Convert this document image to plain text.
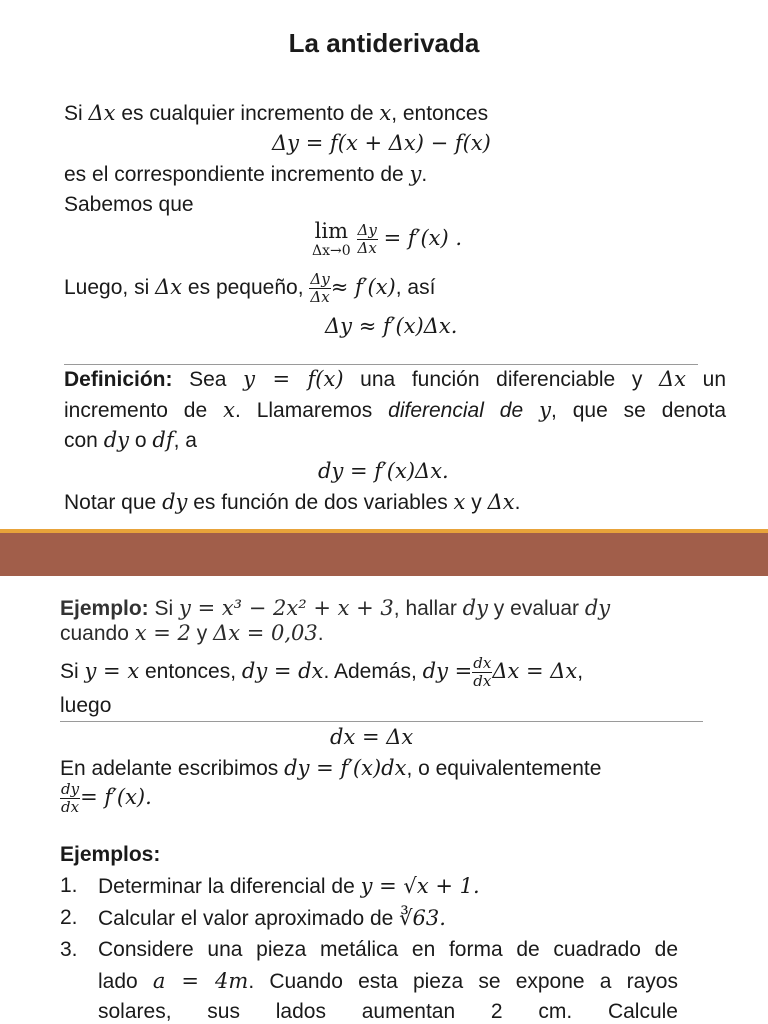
La antiderivada
Si Δx es cualquier incremento de x, entonces
Δy = f(x + Δx) − f(x)
es el correspondiente incremento de y.
Sabemos que
lim
Δx→0
$\frac{\Delta y}{\Delta x} = f'(x)$ .
Luego, si Δx es pequeño, $\frac{\Delta y}{\Delta x} \approx f'(x)$, así
Δy ≈ f′(x)Δx.
Definición: Sea y = f(x) una función diferenciable y Δx un
incremento de x. Llamaremos diferencial de y, que se denota
con dy o df, a
dy = f′(x)Δx.
Notar que dy es función de dos variables x y Δx.
Ejemplo: Si y = x³ − 2x² + x + 3, hallar dy y evaluar dy
cuando x = 2 y Δx = 0,03.
Si y = x entonces, dy = dx. Además, dy = $\frac{dx}{dx}$ Δx = Δx,
luego
dx = Δx
En adelante escribimos dy = f′(x)dx, o equivalentemente
$\frac{dy}{dx} = f'(x)$.
Ejemplos:
1. Determinar la diferencial de y = √x + 1.
2. Calcular el valor aproximado de ∛63.
3. Considere una pieza metálica en forma de cuadrado de
lado a = 4m. Cuando esta pieza se expone a rayos
solares, sus lados aumentan 2 cm. Calcule
